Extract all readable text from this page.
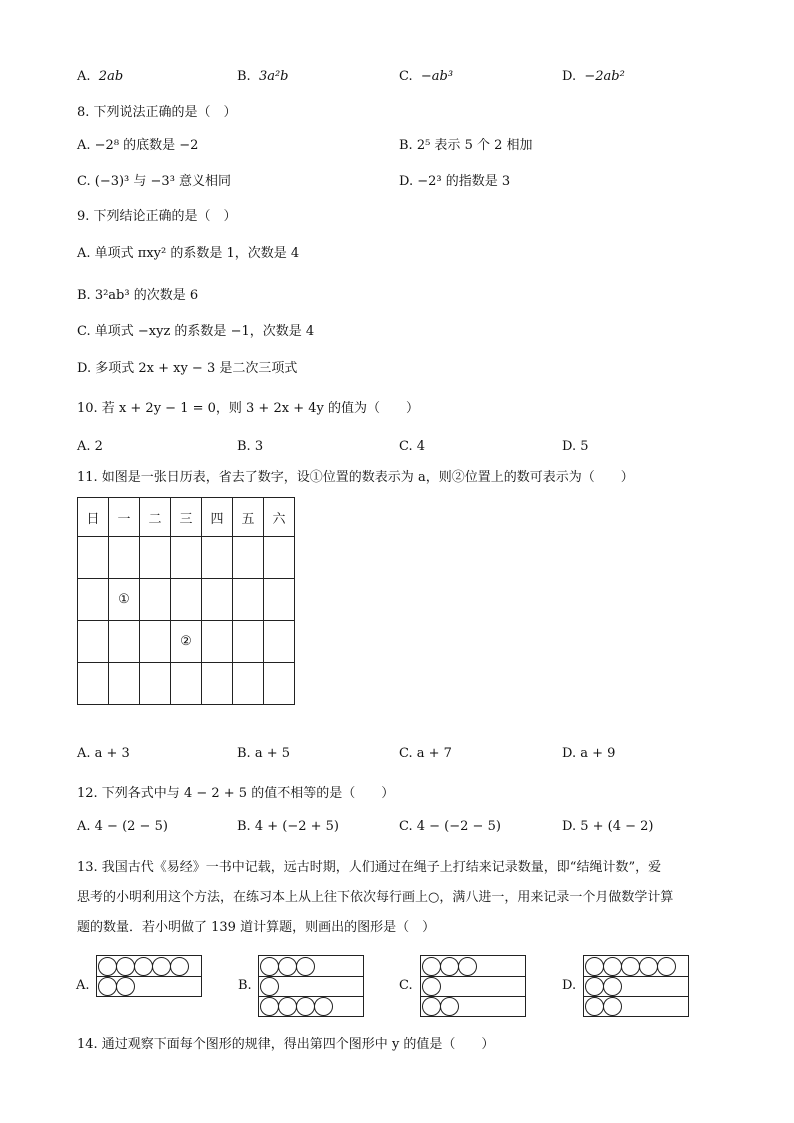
A. 2ab	B. 3a²b	C. −ab³	D. −2ab²
8. 下列说法正确的是（　）
A. −2⁸ 的底数是 −2	B. 2⁵ 表示 5 个 2 相加
C. (−3)³ 与 −3³ 意义相同	D. −2³ 的指数是 3
9. 下列结论正确的是（　）
A. 单项式 πxy² 的系数是 1，次数是 4
B. 3²ab³ 的次数是 6
C. 单项式 −xyz 的系数是 −1，次数是 4
D. 多项式 2x + xy − 3 是二次三项式
10. 若 x + 2y − 1 = 0，则 3 + 2x + 4y 的值为（　　）
A. 2	B. 3	C. 4	D. 5
11. 如图是一张日历表，省去了数字，设①位置的数表示为 a，则②位置上的数可表示为（　　）
日	一	二	三	四	五	六

	①					
			②			

A. a + 3	B. a + 5	C. a + 7	D. a + 9
12. 下列各式中与 4 − 2 + 5 的值不相等的是（　　）
A. 4 − (2 − 5)	B. 4 + (−2 + 5)	C. 4 − (−2 − 5)	D. 5 + (4 − 2)
13. 我国古代《易经》一书中记载，远古时期，人们通过在绳子上打结来记录数量，即“结绳计数”，爱
思考的小明利用这个方法，在练习本上从上往下依次每行画上○，满八进一，用来记录一个月做数学计算
题的数量．若小明做了 139 道计算题，则画出的图形是（　）
A.	B.	C.	D.
14. 通过观察下面每个图形的规律，得出第四个图形中 y 的值是（　　）
